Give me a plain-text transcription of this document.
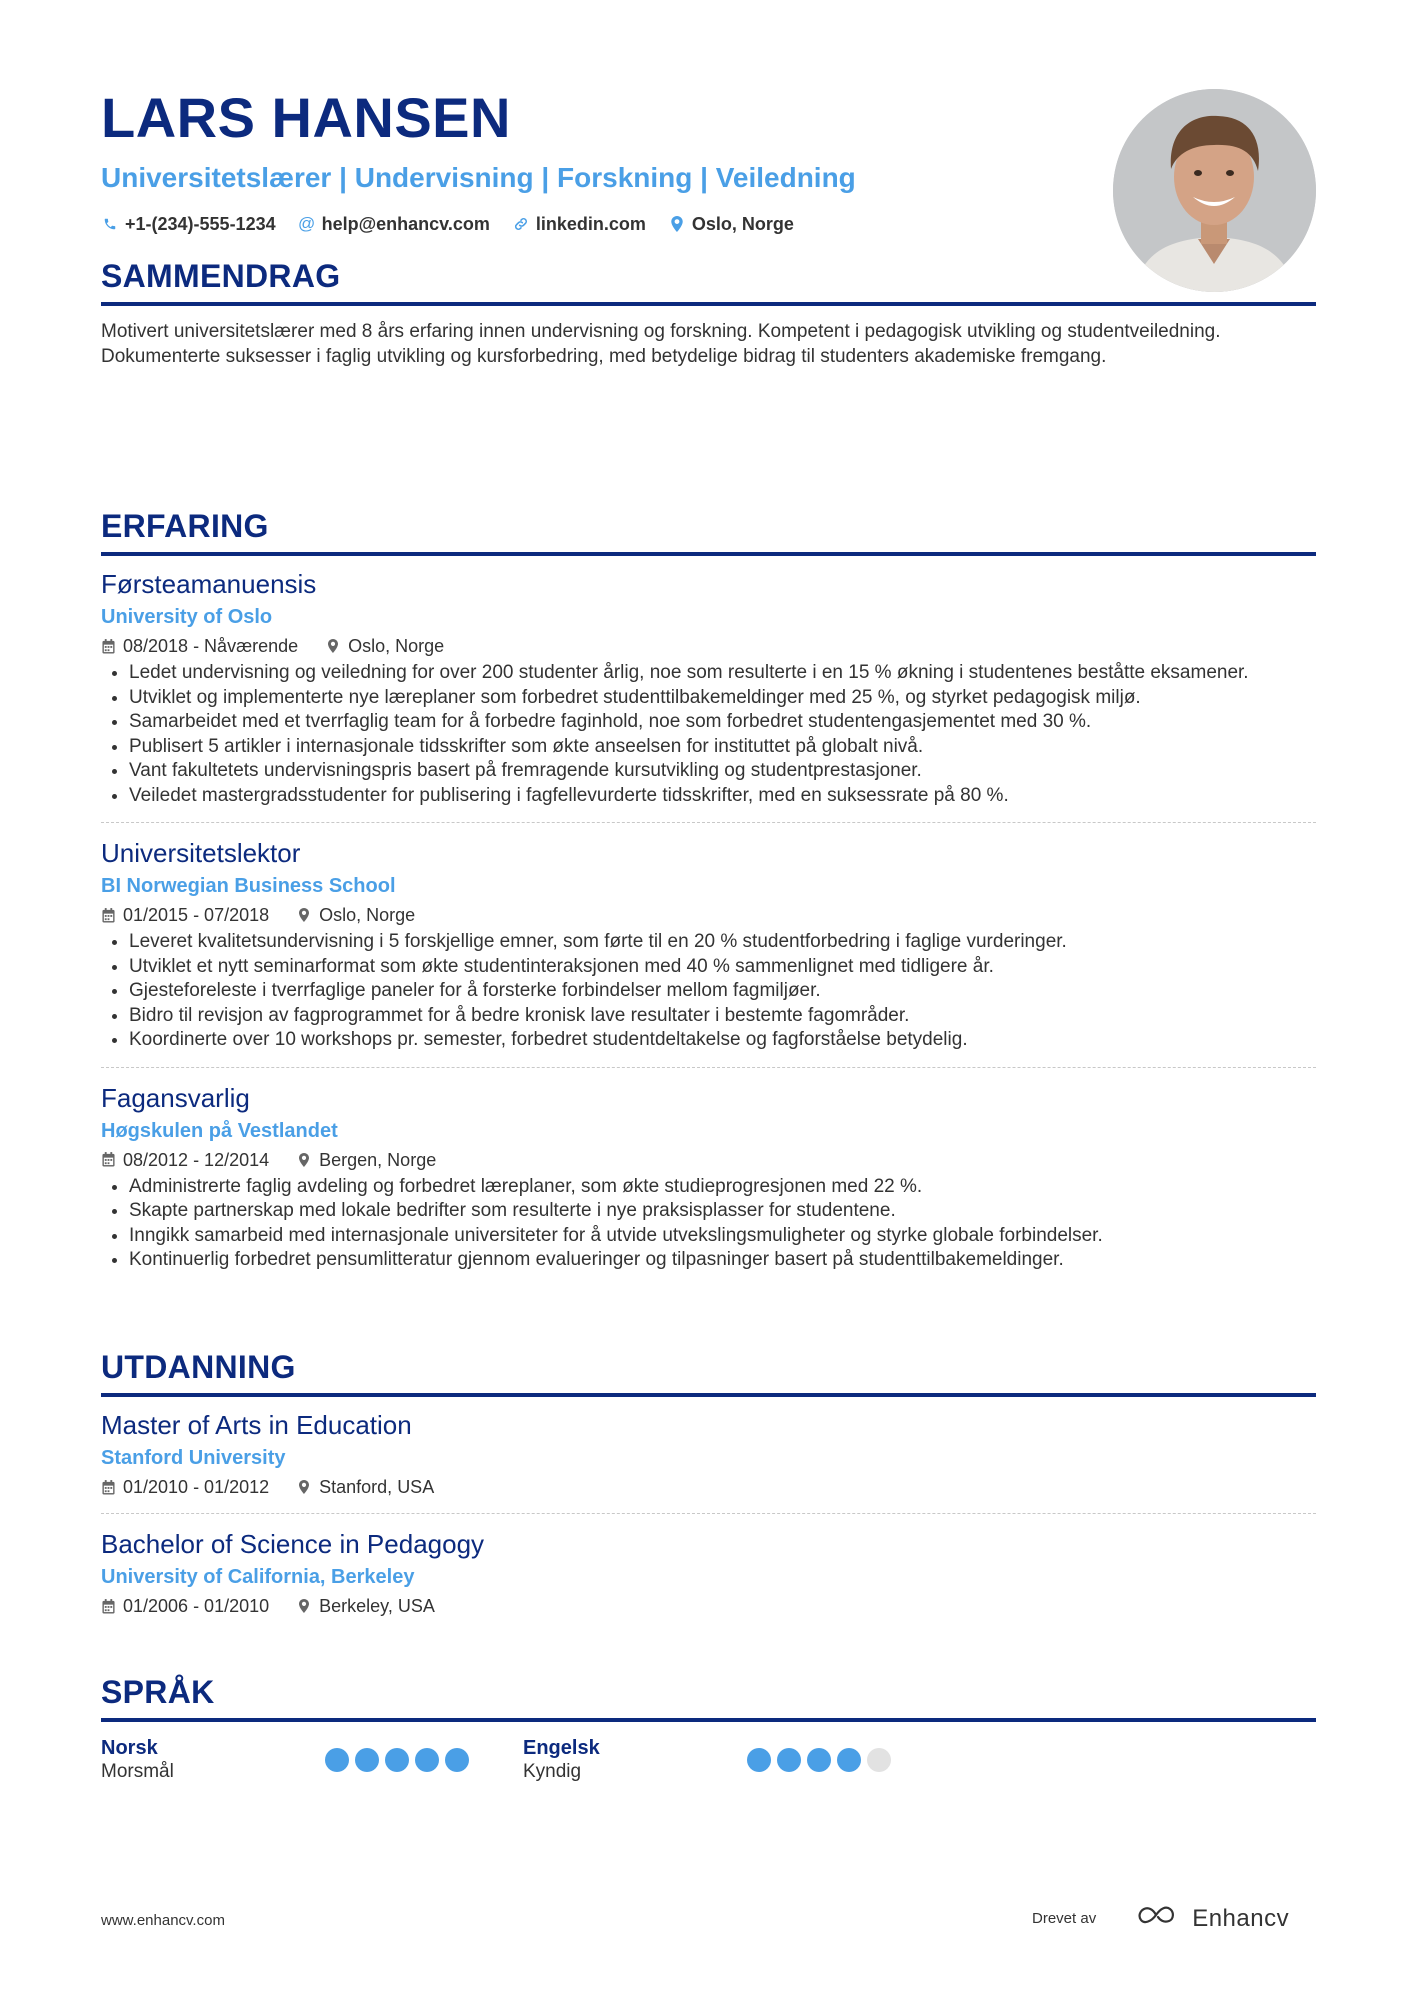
LARS HANSEN
Universitetslærer | Undervisning | Forskning | Veiledning
+1-(234)-555-1234 @ help@enhancv.com	linkedin.com	Oslo, Norge
SAMMENDRAG
Motivert universitetslærer med 8 års erfaring innen undervisning og forskning. Kompetent i pedagogisk utvikling og studentveiledning. Dokumenterte suksesser i faglig utvikling og kursforbedring, med betydelige bidrag til studenters akademiske fremgang.
ERFARING
Førsteamanuensis
University of Oslo
08/2018 - Nåværende	Oslo, Norge
Ledet undervisning og veiledning for over 200 studenter årlig, noe som resulterte i en 15 % økning i studentenes beståtte eksamener.
Utviklet og implementerte nye læreplaner som forbedret studenttilbakemeldinger med 25 %, og styrket pedagogisk miljø.
Samarbeidet med et tverrfaglig team for å forbedre faginhold, noe som forbedret studentengasjementet med 30 %.
Publisert 5 artikler i internasjonale tidsskrifter som økte anseelsen for instituttet på globalt nivå.
Vant fakultetets undervisningspris basert på fremragende kursutvikling og studentprestasjoner.
Veiledet mastergradsstudenter for publisering i fagfellevurderte tidsskrifter, med en suksessrate på 80 %.
Universitetslektor
BI Norwegian Business School
01/2015 - 07/2018	Oslo, Norge
Leveret kvalitetsundervisning i 5 forskjellige emner, som førte til en 20 % studentforbedring i faglige vurderinger.
Utviklet et nytt seminarformat som økte studentinteraksjonen med 40 % sammenlignet med tidligere år.
Gjesteforeleste i tverrfaglige paneler for å forsterke forbindelser mellom fagmiljøer.
Bidro til revisjon av fagprogrammet for å bedre kronisk lave resultater i bestemte fagområder.
Koordinerte over 10 workshops pr. semester, forbedret studentdeltakelse og fagforståelse betydelig.
Fagansvarlig
Høgskulen på Vestlandet
08/2012 - 12/2014	Bergen, Norge
Administrerte faglig avdeling og forbedret læreplaner, som økte studieprogresjonen med 22 %.
Skapte partnerskap med lokale bedrifter som resulterte i nye praksisplasser for studentene.
Inngikk samarbeid med internasjonale universiteter for å utvide utvekslingsmuligheter og styrke globale forbindelser.
Kontinuerlig forbedret pensumlitteratur gjennom evalueringer og tilpasninger basert på studenttilbakemeldinger.
UTDANNING
Master of Arts in Education
Stanford University
01/2010 - 01/2012	Stanford, USA
Bachelor of Science in Pedagogy
University of California, Berkeley
01/2006 - 01/2010	Berkeley, USA
SPRÅK
Norsk
Morsmål
Engelsk
Kyndig
www.enhancv.com	Drevet av	Enhancv
